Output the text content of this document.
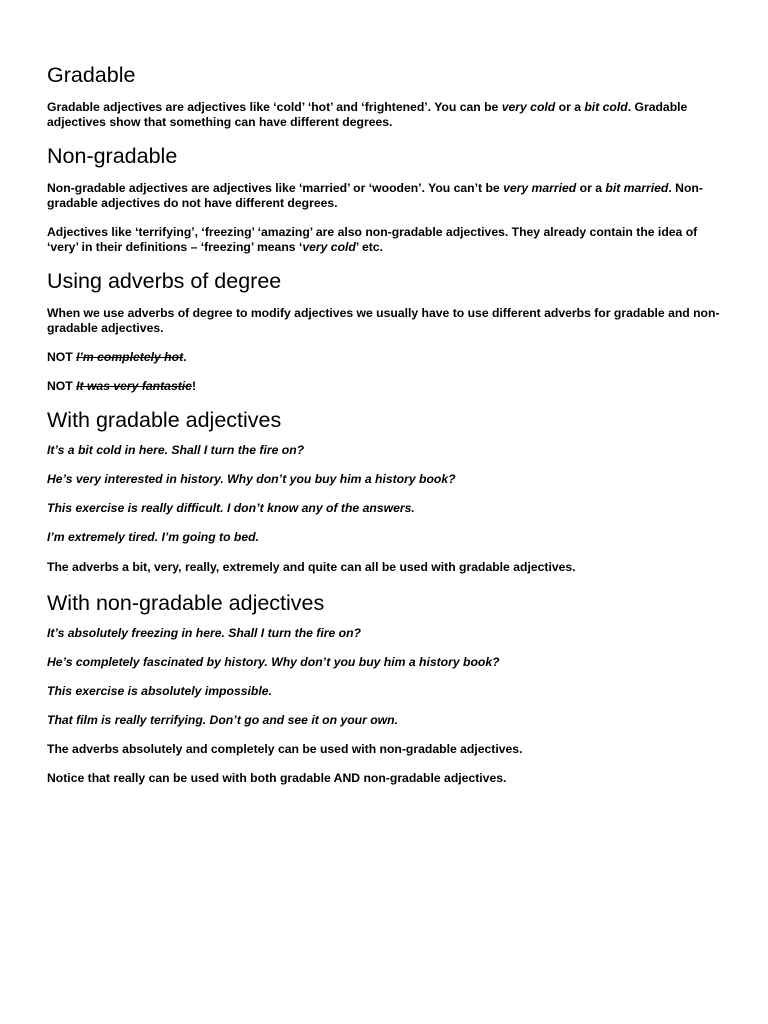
Gradable

Gradable adjectives are adjectives like ‘cold’ ‘hot’ and ‘frightened’. You can be very cold or a bit cold. Gradable adjectives show that something can have different degrees.

Non-gradable

Non-gradable adjectives are adjectives like ‘married’ or ‘wooden’. You can’t be very married or a bit married. Non-gradable adjectives do not have different degrees.

Adjectives like ‘terrifying’, ‘freezing’ ‘amazing’ are also non-gradable adjectives. They already contain the idea of ‘very’ in their definitions – ‘freezing’ means ‘very cold’ etc.

Using adverbs of degree

When we use adverbs of degree to modify adjectives we usually have to use different adverbs for gradable and non-gradable adjectives.

NOT I’m completely hot.

NOT It was very fantastic!

With gradable adjectives

It’s a bit cold in here. Shall I turn the fire on?

He’s very interested in history. Why don’t you buy him a history book?

This exercise is really difficult. I don’t know any of the answers.

I’m extremely tired. I’m going to bed.

The adverbs a bit, very, really, extremely and quite can all be used with gradable adjectives.

With non-gradable adjectives

It’s absolutely freezing in here. Shall I turn the fire on?

He’s completely fascinated by history. Why don’t you buy him a history book?

This exercise is absolutely impossible.

That film is really terrifying. Don’t go and see it on your own.

The adverbs absolutely and completely can be used with non-gradable adjectives.

Notice that really can be used with both gradable AND non-gradable adjectives.
